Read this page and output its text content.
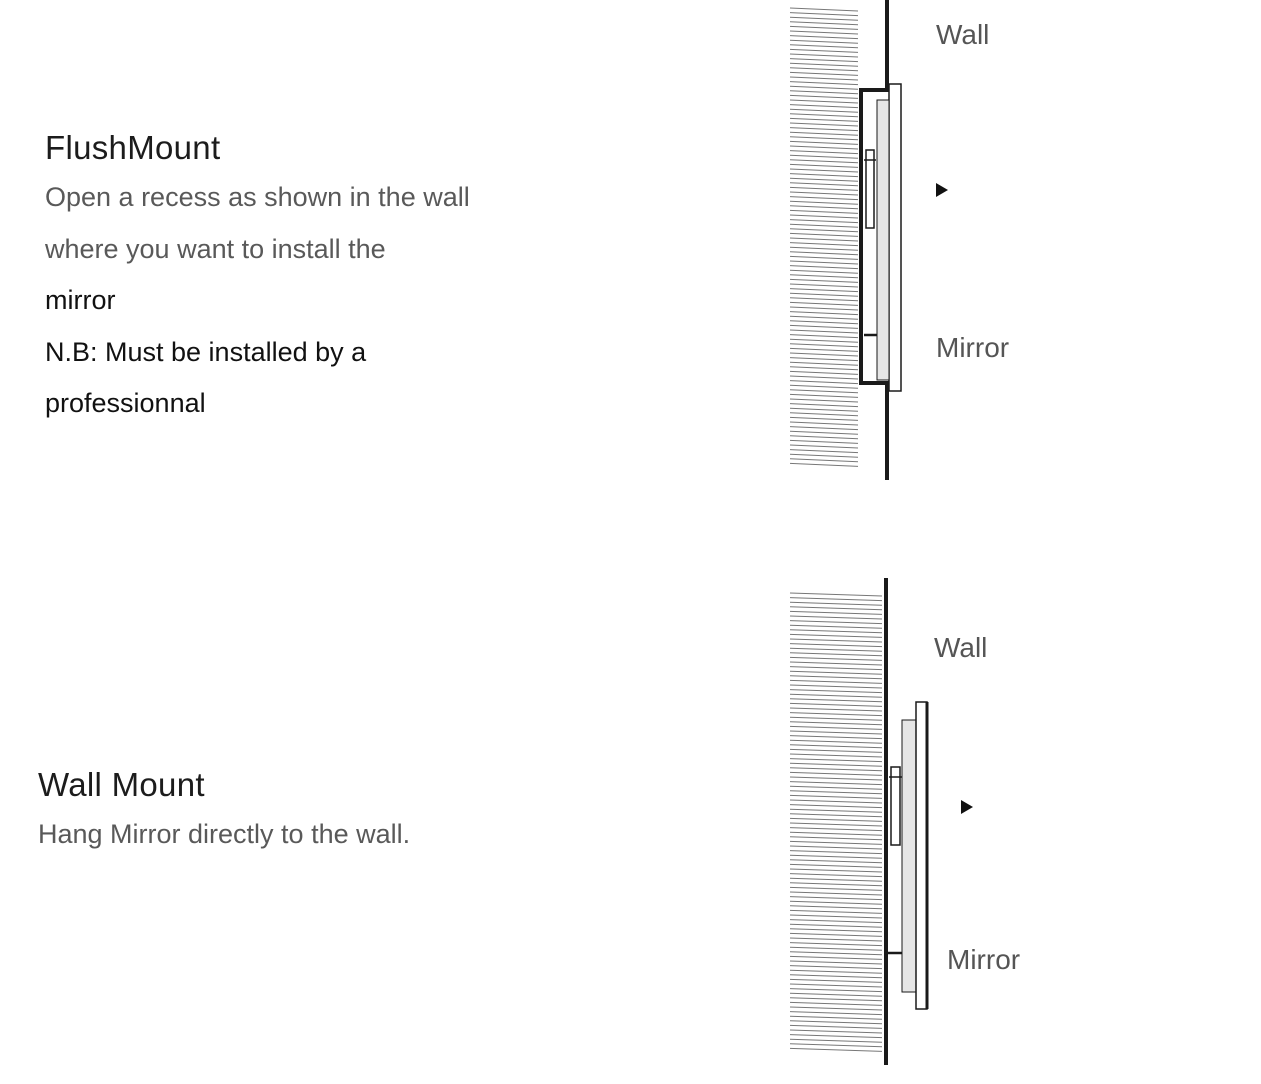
FlushMount
Open a recess as shown in the wall
where you want to install the
mirror
N.B: Must be installed by a
professionnal
Wall Mount
Hang Mirror directly to the wall.
Wall
Mirror
Wall
Mirror
